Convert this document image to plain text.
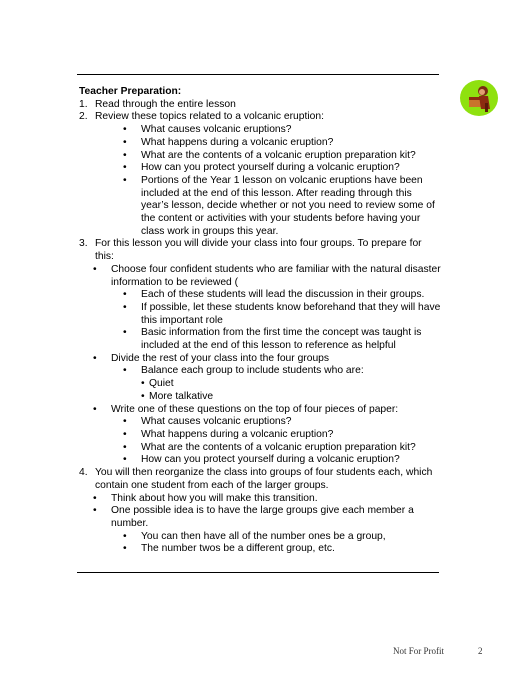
Teacher Preparation:
1. Read through the entire lesson
2. Review these topics related to a volcanic eruption:
• What causes volcanic eruptions?
• What happens during a volcanic eruption?
• What are the contents of a volcanic eruption preparation kit?
• How can you protect yourself during a volcanic eruption?
• Portions of the Year 1 lesson on volcanic eruptions have been included at the end of this lesson. After reading through this year’s lesson, decide whether or not you need to review some of the content or activities with your students before having your class work in groups this year.
3. For this lesson you will divide your class into four groups. To prepare for this:
• Choose four confident students who are familiar with the natural disaster information to be reviewed (
• Each of these students will lead the discussion in their groups.
• If possible, let these students know beforehand that they will have this important role
• Basic information from the first time the concept was taught is included at the end of this lesson to reference as helpful
• Divide the rest of your class into the four groups
• Balance each group to include students who are:
• Quiet
• More talkative
• Write one of these questions on the top of four pieces of paper:
• What causes volcanic eruptions?
• What happens during a volcanic eruption?
• What are the contents of a volcanic eruption preparation kit?
• How can you protect yourself during a volcanic eruption?
4. You will then reorganize the class into groups of four students each, which contain one student from each of the larger groups.
• Think about how you will make this transition.
• One possible idea is to have the large groups give each member a number.
• You can then have all of the number ones be a group,
• The number twos be a different group, etc.
Not For Profit	2
